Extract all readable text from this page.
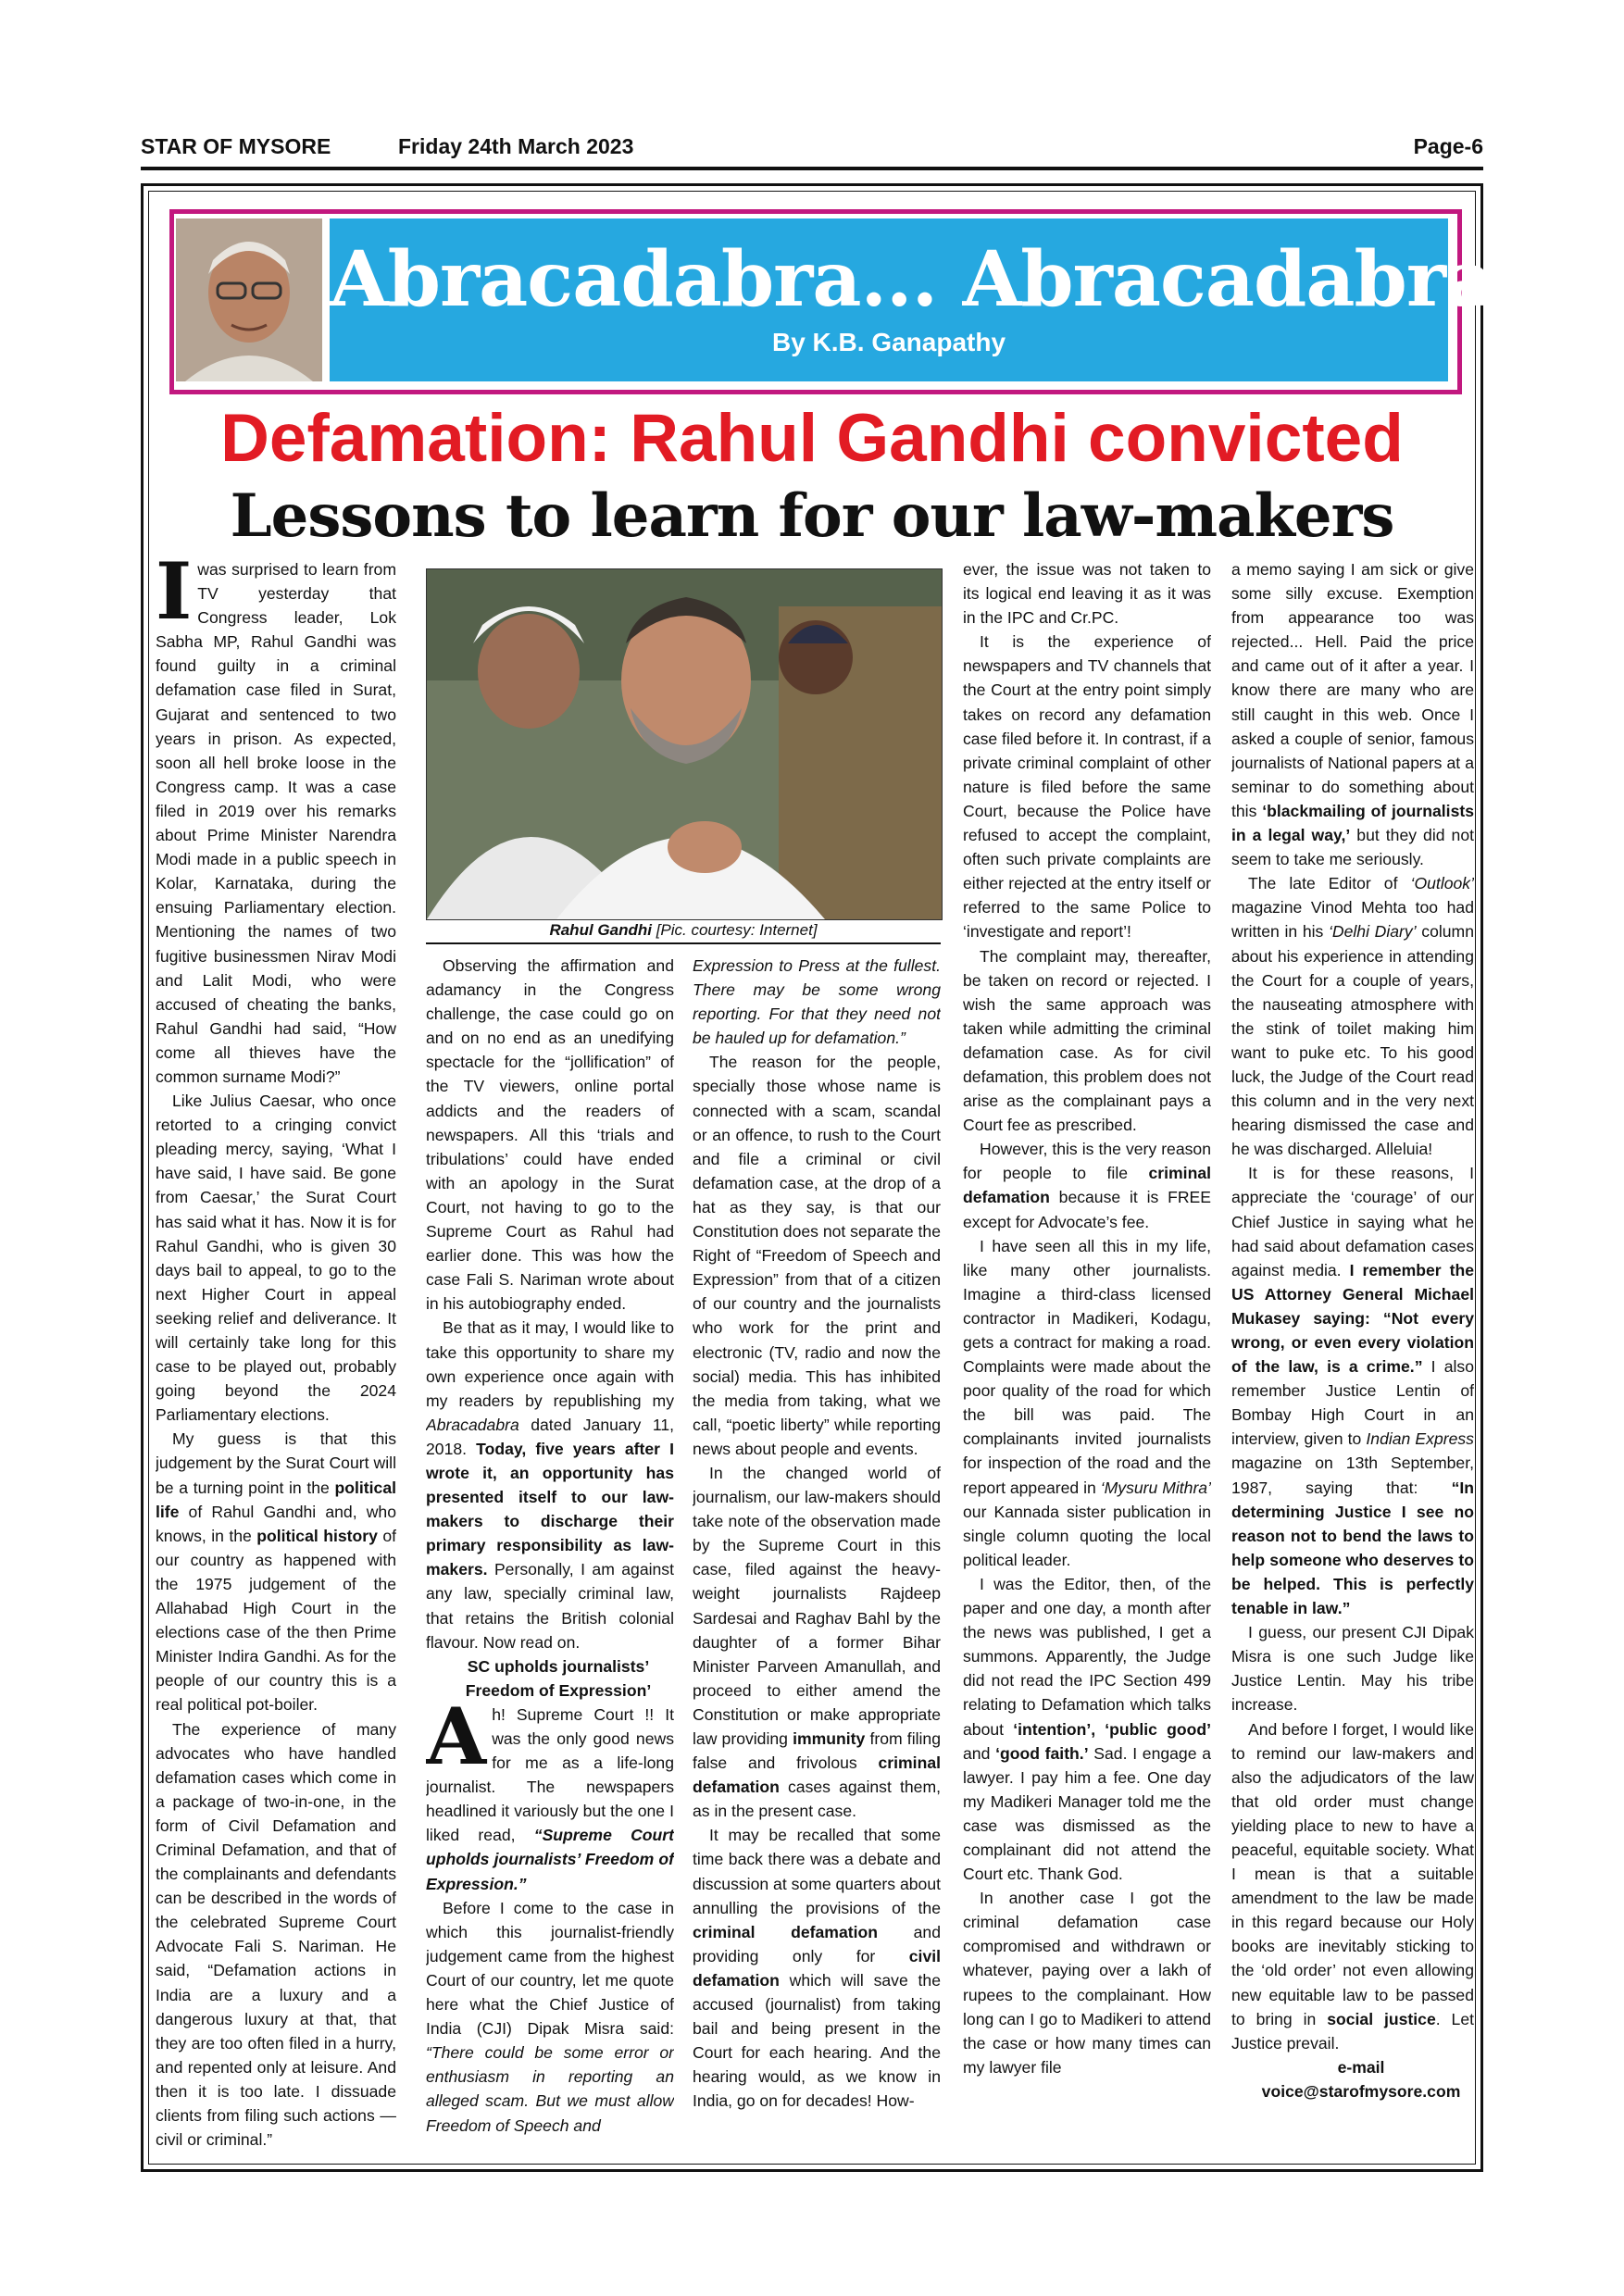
STAR OF MYSORE	Friday 24th March 2023	Page-6
Abracadabra... Abracadabra...
By K.B. Ganapathy
Defamation: Rahul Gandhi convicted
Lessons to learn for our law-makers
Rahul Gandhi [Pic. courtesy: Internet]

Iwas surprised to learn from TV yesterday that Congress leader, Lok Sabha MP, Rahul Gandhi was found guilty in a criminal defamation case filed in Surat, Gujarat and sentenced to two years in prison. As expected, soon all hell broke loose in the Congress camp. It was a case filed in 2019 over his remarks about Prime Minister Narendra Modi made in a public speech in Kolar, Karnataka, during the ensuing Parliamentary election. Mentioning the names of two fugitive businessmen Nirav Modi and Lalit Modi, who were accused of cheating the banks, Rahul Gandhi had said, “How come all thieves have the common surname Modi?”

Like Julius Caesar, who once retorted to a cringing convict pleading mercy, saying, ‘What I have said, I have said. Be gone from Caesar,’ the Surat Court has said what it has. Now it is for Rahul Gandhi, who is given 30 days bail to appeal, to go to the next Higher Court in appeal seeking relief and deliverance. It will certainly take long for this case to be played out, probably going beyond the 2024 Parliamentary elections.

My guess is that this judgement by the Surat Court will be a turning point in the political life of Rahul Gandhi and, who knows, in the political history of our country as happened with the 1975 judgement of the Allahabad High Court in the elections case of the then Prime Minister Indira Gandhi. As for the people of our country this is a real political pot-boiler.

The experience of many advocates who have handled defamation cases which come in a package of two-in-one, in the form of Civil Defamation and Criminal Defamation, and that of the complainants and defendants can be described in the words of the celebrated Supreme Court Advocate Fali S. Nariman. He said, “Defamation actions in India are a luxury and a dangerous luxury at that, that they are too often filed in a hurry, and repented only at leisure. And then it is too late. I dissuade clients from filing such actions — civil or criminal.”

Observing the affirmation and adamancy in the Congress challenge, the case could go on and on no end as an unedifying spectacle for the “jollification” of the TV viewers, online portal addicts and the readers of newspapers. All this ‘trials and tribulations’ could have ended with an apology in the Surat Court, not having to go to the Supreme Court as Rahul had earlier done. This was how the case Fali S. Nariman wrote about in his autobiography ended.

Be that as it may, I would like to take this opportunity to share my own experience once again with my readers by republishing my Abracadabra dated January 11, 2018. Today, five years after I wrote it, an opportunity has presented itself to our law-makers to discharge their primary responsibility as law-makers. Personally, I am against any law, specially criminal law, that retains the British colonial flavour. Now read on.

SC upholds journalists’

Freedom of Expression’

Ah! Supreme Court !! It was the only good news for me as a life-long journalist. The newspapers headlined it variously but the one I liked read, “Supreme Court upholds journalists’ Freedom of Expression.”

Before I come to the case in which this journalist-friendly judgement came from the highest Court of our country, let me quote here what the Chief Justice of India (CJI) Dipak Misra said: “There could be some error or enthusiasm in reporting an alleged scam. But we must allow Freedom of Speech and

Expression to Press at the fullest. There may be some wrong reporting. For that they need not be hauled up for defamation.”

The reason for the people, specially those whose name is connected with a scam, scandal or an offence, to rush to the Court and file a criminal or civil defamation case, at the drop of a hat as they say, is that our Constitution does not separate the Right of “Freedom of Speech and Expression” from that of a citizen of our country and the journalists who work for the print and electronic (TV, radio and now the social) media. This has inhibited the media from taking, what we call, “poetic liberty” while reporting news about people and events.

In the changed world of journalism, our law-makers should take note of the observation made by the Supreme Court in this case, filed against the heavy-weight journalists Rajdeep Sardesai and Raghav Bahl by the daughter of a former Bihar Minister Parveen Amanullah, and proceed to either amend the Constitution or make appropriate law providing immunity from filing false and frivolous criminal defamation cases against them, as in the present case.

It may be recalled that some time back there was a debate and discussion at some quarters about annulling the provisions of the criminal defamation and providing only for civil defamation which will save the accused (journalist) from taking bail and being present in the Court for each hearing. And the hearing would, as we know in India, go on for decades! How-

ever, the issue was not taken to its logical end leaving it as it was in the IPC and Cr.PC.

It is the experience of newspapers and TV channels that the Court at the entry point simply takes on record any defamation case filed before it. In contrast, if a private criminal complaint of other nature is filed before the same Court, because the Police have refused to accept the complaint, often such private complaints are either rejected at the entry itself or referred to the same Police to ‘investigate and report’!

The complaint may, thereafter, be taken on record or rejected. I wish the same approach was taken while admitting the criminal defamation case. As for civil defamation, this problem does not arise as the complainant pays a Court fee as prescribed.

However, this is the very reason for people to file criminal defamation because it is FREE except for Advocate’s fee.

I have seen all this in my life, like many other journalists. Imagine a third-class licensed contractor in Madikeri, Kodagu, gets a contract for making a road. Complaints were made about the poor quality of the road for which the bill was paid. The complainants invited journalists for inspection of the road and the report appeared in ‘Mysuru Mithra’ our Kannada sister publication in single column quoting the local political leader.

I was the Editor, then, of the paper and one day, a month after the news was published, I get a summons. Apparently, the Judge did not read the IPC Section 499 relating to Defamation which talks about ‘intention’, ‘public good’ and ‘good faith.’ Sad. I engage a lawyer. I pay him a fee. One day my Madikeri Manager told me the case was dismissed as the complainant did not attend the Court etc. Thank God.

In another case I got the criminal defamation case compromised and withdrawn or whatever, paying over a lakh of rupees to the complainant. How long can I go to Madikeri to attend the case or how many times can my lawyer file

a memo saying I am sick or give some silly excuse. Exemption from appearance too was rejected... Hell. Paid the price and came out of it after a year. I know there are many who are still caught in this web. Once I asked a couple of senior, famous journalists of National papers at a seminar to do something about this ‘blackmailing of journalists in a legal way,’ but they did not seem to take me seriously.

The late Editor of ‘Outlook’ magazine Vinod Mehta too had written in his ‘Delhi Diary’ column about his experience in attending the Court for a couple of years, the nauseating atmosphere with the stink of toilet making him want to puke etc. To his good luck, the Judge of the Court read this column and in the very next hearing dismissed the case and he was discharged. Alleluia!

It is for these reasons, I appreciate the ‘courage’ of our Chief Justice in saying what he had said about defamation cases against media. I remember the US Attorney General Michael Mukasey saying: “Not every wrong, or even every violation of the law, is a crime.” I also remember Justice Lentin of Bombay High Court in an interview, given to Indian Express magazine on 13th September, 1987, saying that: “In determining Justice I see no reason not to bend the laws to help someone who deserves to be helped. This is perfectly tenable in law.”

I guess, our present CJI Dipak Misra is one such Judge like Justice Lentin. May his tribe increase.

And before I forget, I would like to remind our law-makers and also the adjudicators of the law that old order must change yielding place to new to have a peaceful, equitable society. What I mean is that a suitable amendment to the law be made in this regard because our Holy books are inevitably sticking to the ‘old order’ not even allowing new equitable law to be passed to bring in social justice. Let Justice prevail.

e-mail

voice@starofmysore.com
